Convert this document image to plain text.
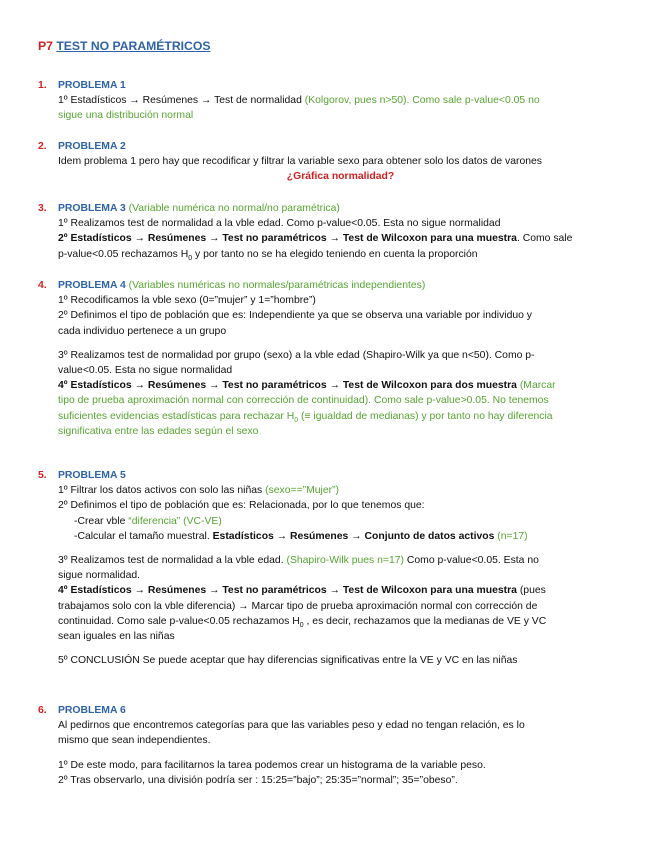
P7 TEST NO PARAMÉTRICOS
1. PROBLEMA 1
1º Estadísticos → Resúmenes → Test de normalidad (Kolgorov, pues n>50). Como sale p-value<0.05 no
sigue una distribución normal
2. PROBLEMA 2
Idem problema 1 pero hay que recodificar y filtrar la variable sexo para obtener solo los datos de varones
¿Gráfica normalidad?
3. PROBLEMA 3 (Variable numérica no normal/no paramétrica)
1º Realizamos test de normalidad a la vble edad. Como p-value<0.05. Esta no sigue normalidad
2º Estadísticos → Resúmenes → Test no paramétricos → Test de Wilcoxon para una muestra. Como sale
p-value<0.05 rechazamos $H_0$ y por tanto no se ha elegido teniendo en cuenta la proporción
4. PROBLEMA 4 (Variables numéricas no normales/paramétricas independientes)
1º Recodificamos la vble sexo (0=”mujer” y 1=”hombre”)
2º Definimos el tipo de población que es: Independiente ya que se observa una variable por individuo y
cada individuo pertenece a un grupo
3º Realizamos test de normalidad por grupo (sexo) a la vble edad (Shapiro-Wilk ya que n<50). Como p-
value<0.05. Esta no sigue normalidad
4º Estadísticos → Resúmenes → Test no paramétricos → Test de Wilcoxon para dos muestra (Marcar
tipo de prueba aproximación normal con corrección de continuidad). Como sale p-value>0.05. No tenemos
suficientes evidencias estadísticas para rechazar $H_0$ (≡ igualdad de medianas) y por tanto no hay diferencia
significativa entre las edades según el sexo
5. PROBLEMA 5
1º Filtrar los datos activos con solo las niñas (sexo==”Mujer”)
2º Definimos el tipo de población que es: Relacionada, por lo que tenemos que:
-Crear vble “diferencia” (VC-VE)
-Calcular el tamaño muestral. Estadísticos → Resúmenes → Conjunto de datos activos (n=17)
3º Realizamos test de normalidad a la vble edad. (Shapiro-Wilk pues n=17) Como p-value<0.05. Esta no
sigue normalidad.
4º Estadísticos → Resúmenes → Test no paramétricos → Test de Wilcoxon para una muestra (pues
trabajamos solo con la vble diferencia) → Marcar tipo de prueba aproximación normal con corrección de
continuidad. Como sale p-value<0.05 rechazamos $H_0$ , es decir, rechazamos que la medianas de VE y VC
sean iguales en las niñas
5º CONCLUSIÓN Se puede aceptar que hay diferencias significativas entre la VE y VC en las niñas
6. PROBLEMA 6
Al pedirnos que encontremos categorías para que las variables peso y edad no tengan relación, es lo
mismo que sean independientes.
1º De este modo, para facilitarnos la tarea podemos crear un histograma de la variable peso.
2º Tras observarlo, una división podría ser : 15:25=”bajo”; 25:35=”normal”; 35=”obeso”.
